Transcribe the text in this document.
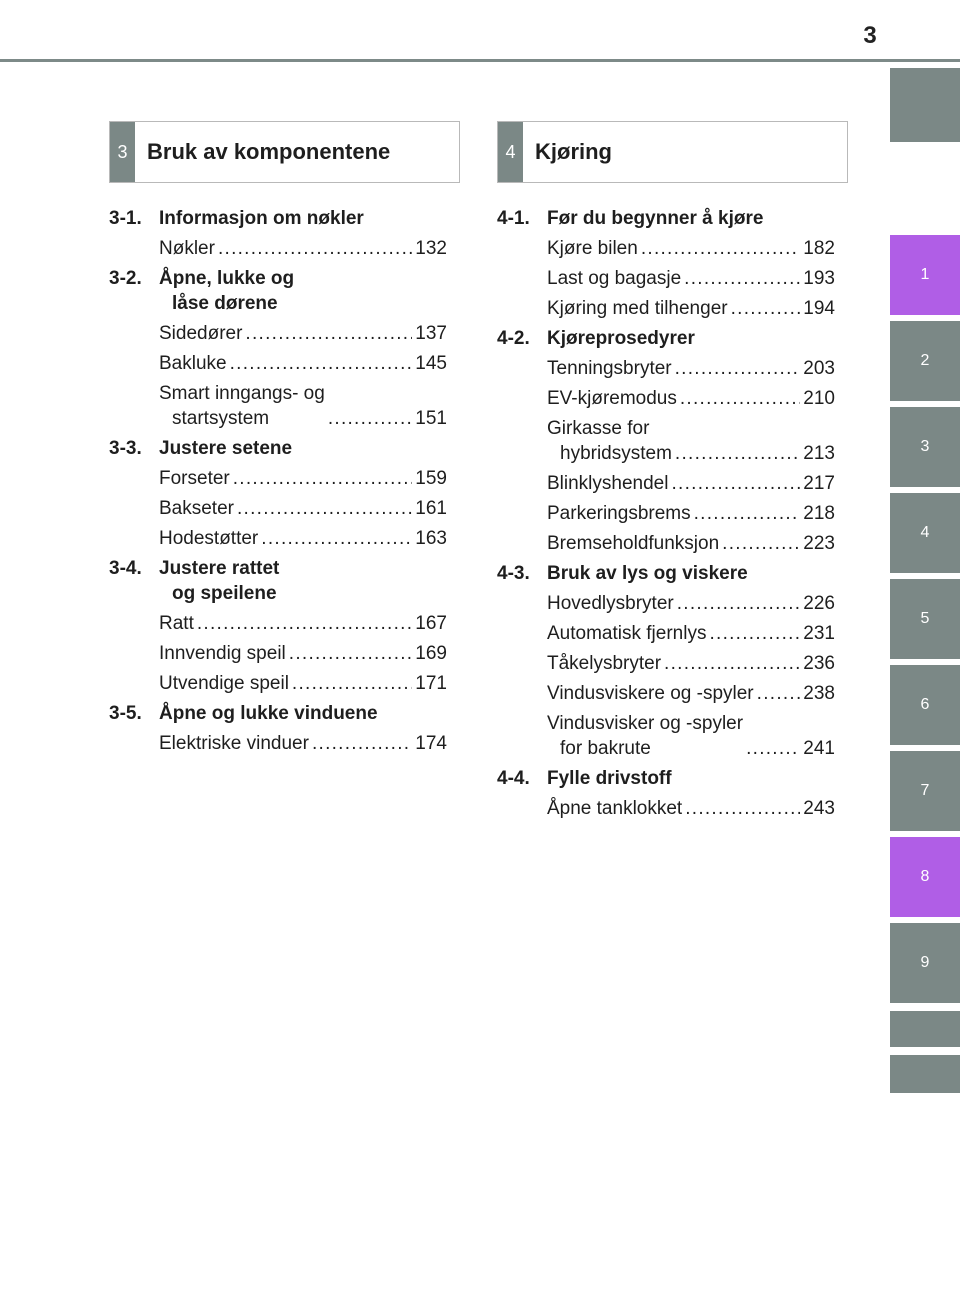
3
1
2
3
4
5
6
7
8
9
3 Bruk av komponentene	4 Kjøring
3-1. Informasjon om nøkler
Nøkler . . .	132
3-2. Åpne, lukke og
låse dørene
Sidedører . . .	137
Bakluke . . .	145
Smart inngangs- og
startsystem . . .	151
3-3. Justere setene
Forseter . . .	159
Bakseter . . .	161
Hodestøtter . . .	163
3-4. Justere rattet
og speilene
Ratt . . .	167
Innvendig speil . . .	169
Utvendige speil . . .	171
3-5. Åpne og lukke vinduene
Elektriske vinduer . . .	174
4-1. Før du begynner å kjøre
Kjøre bilen . . .	182
Last og bagasje . . .	193
Kjøring med tilhenger . . .	194
4-2. Kjøreprosedyrer
Tenningsbryter . . .	203
EV-kjøremodus . . .	210
Girkasse for
hybridsystem . . .	213
Blinklyshendel . . .	217
Parkeringsbrems . . .	218
Bremseholdfunksjon . . .	223
4-3. Bruk av lys og viskere
Hovedlysbryter . . .	226
Automatisk fjernlys . . .	231
Tåkelysbryter . . .	236
Vindusviskere og -spyler . . .	238
Vindusvisker og -spyler
for bakrute . . .	241
4-4. Fylle drivstoff
Åpne tanklokket . . .	243
